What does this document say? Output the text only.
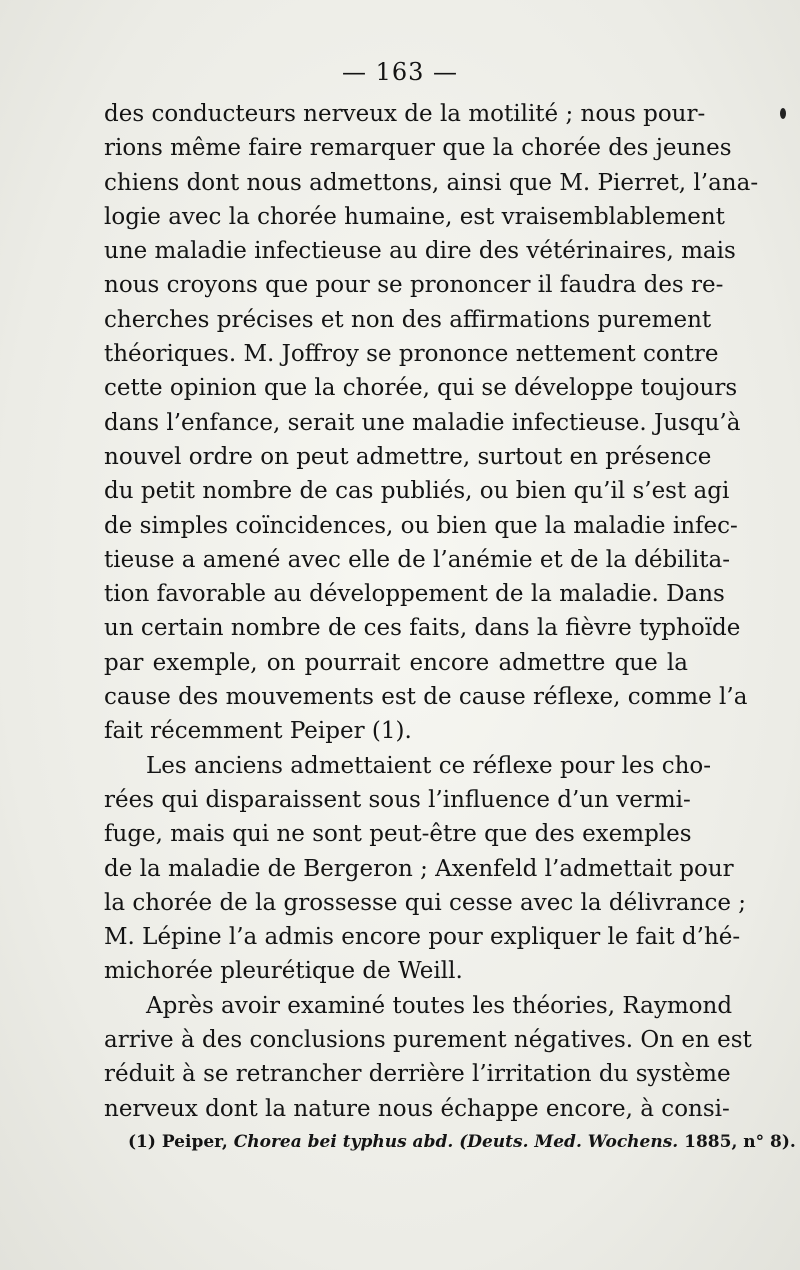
— 163 —
des conducteurs nerveux de la motilité ; nous pour-
rions même faire remarquer que la chorée des jeunes
chiens dont nous admettons, ainsi que M. Pierret, l’ana-
logie avec la chorée humaine, est vraisemblablement
une maladie infectieuse au dire des vétérinaires, mais
nous croyons que pour se prononcer il faudra des re-
cherches précises et non des affirmations purement
théoriques. M. Joffroy se prononce nettement contre
cette opinion que la chorée, qui se développe toujours
dans l’enfance, serait une maladie infectieuse. Jusqu’à
nouvel ordre on peut admettre, surtout en présence
du petit nombre de cas publiés, ou bien qu’il s’est agi
de simples coïncidences, ou bien que la maladie infec-
tieuse a amené avec elle de l’anémie et de la débilita-
tion favorable au développement de la maladie. Dans
un certain nombre de ces faits, dans la fièvre typhoïde
par exemple, on pourrait encore admettre que la
cause des mouvements est de cause réflexe, comme l’a
fait récemment Peiper (1).
Les anciens admettaient ce réflexe pour les cho-
rées qui disparaissent sous l’influence d’un vermi-
fuge, mais qui ne sont peut-être que des exemples
de la maladie de Bergeron ; Axenfeld l’admettait pour
la chorée de la grossesse qui cesse avec la délivrance ;
M. Lépine l’a admis encore pour expliquer le fait d’hé-
michorée pleurétique de Weill.
Après avoir examiné toutes les théories, Raymond
arrive à des conclusions purement négatives. On en est
réduit à se retrancher derrière l’irritation du système
nerveux dont la nature nous échappe encore, à consi-
(1) Peiper, Chorea bei typhus abd. (Deuts. Med. Wochens. 1885, n° 8).
